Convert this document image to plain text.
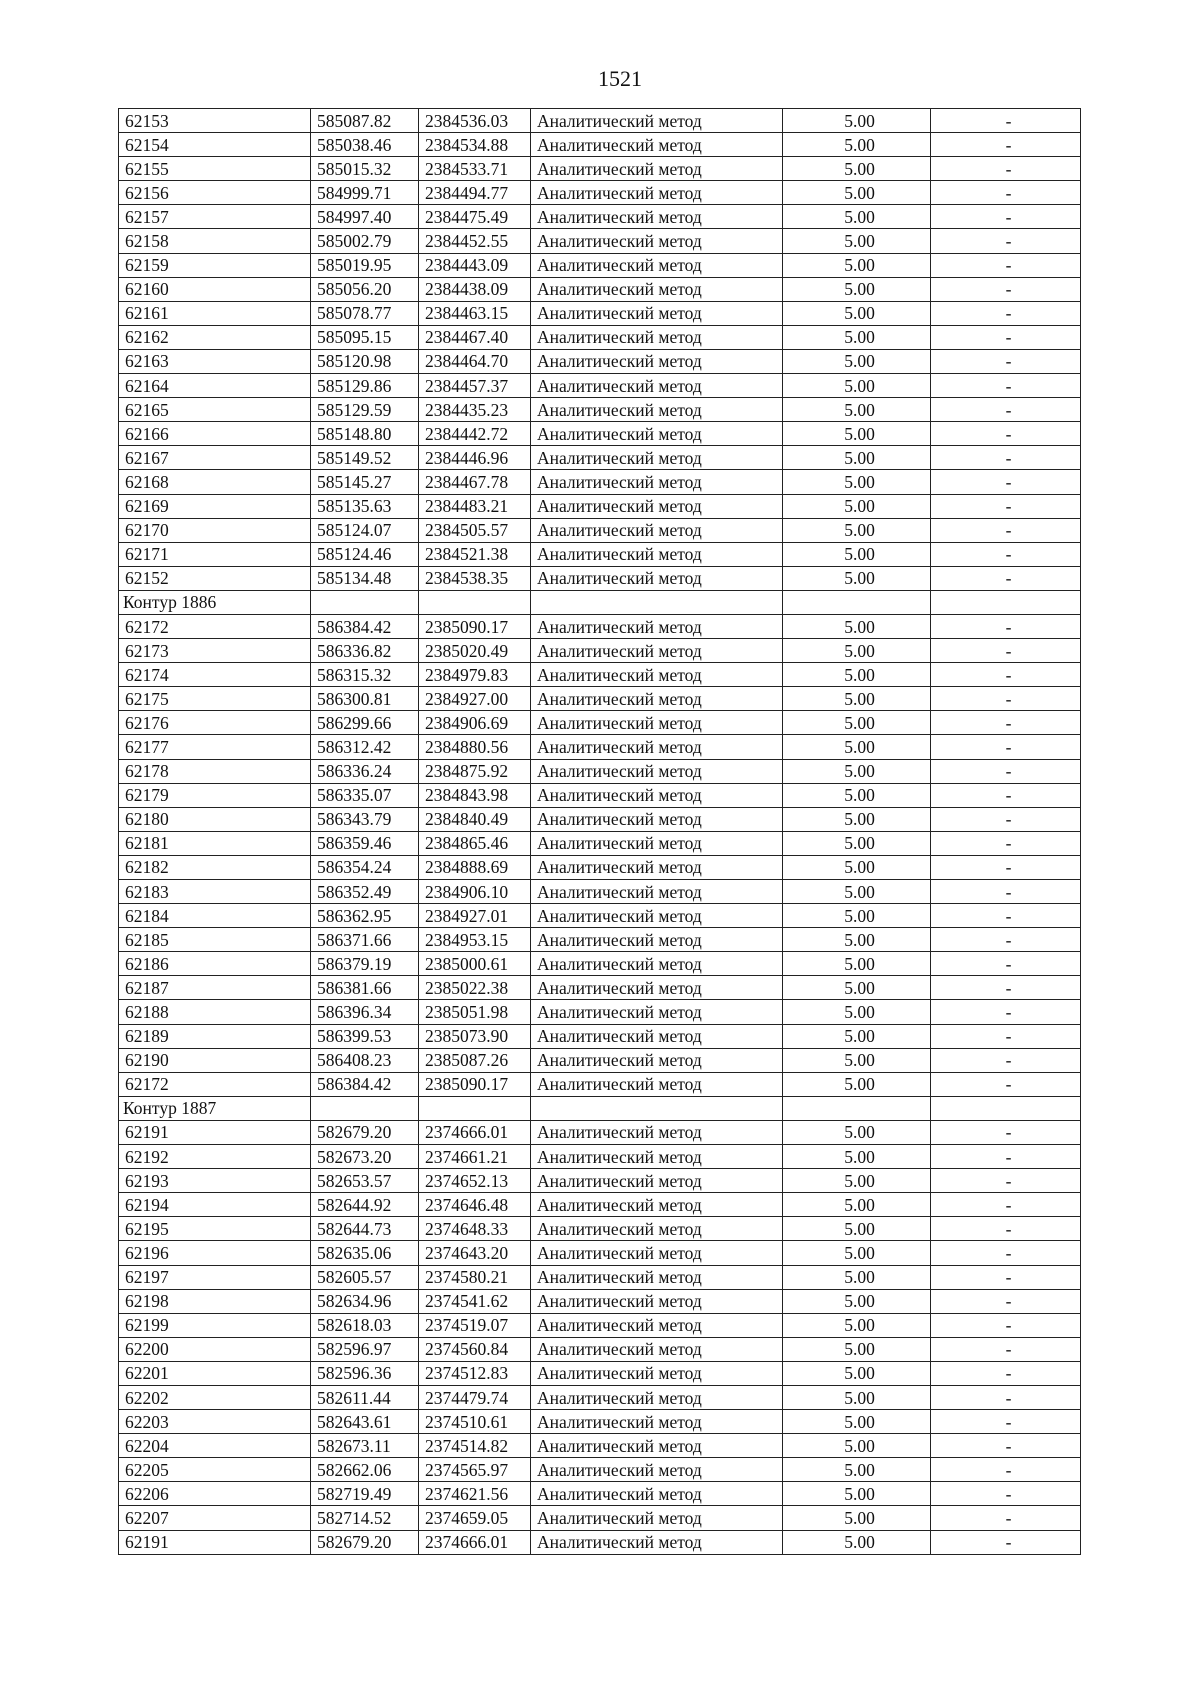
1521
62153	585087.82	2384536.03	Аналитический метод	5.00	-
62154	585038.46	2384534.88	Аналитический метод	5.00	-
62155	585015.32	2384533.71	Аналитический метод	5.00	-
62156	584999.71	2384494.77	Аналитический метод	5.00	-
62157	584997.40	2384475.49	Аналитический метод	5.00	-
62158	585002.79	2384452.55	Аналитический метод	5.00	-
62159	585019.95	2384443.09	Аналитический метод	5.00	-
62160	585056.20	2384438.09	Аналитический метод	5.00	-
62161	585078.77	2384463.15	Аналитический метод	5.00	-
62162	585095.15	2384467.40	Аналитический метод	5.00	-
62163	585120.98	2384464.70	Аналитический метод	5.00	-
62164	585129.86	2384457.37	Аналитический метод	5.00	-
62165	585129.59	2384435.23	Аналитический метод	5.00	-
62166	585148.80	2384442.72	Аналитический метод	5.00	-
62167	585149.52	2384446.96	Аналитический метод	5.00	-
62168	585145.27	2384467.78	Аналитический метод	5.00	-
62169	585135.63	2384483.21	Аналитический метод	5.00	-
62170	585124.07	2384505.57	Аналитический метод	5.00	-
62171	585124.46	2384521.38	Аналитический метод	5.00	-
62152	585134.48	2384538.35	Аналитический метод	5.00	-
Контур 1886					
62172	586384.42	2385090.17	Аналитический метод	5.00	-
62173	586336.82	2385020.49	Аналитический метод	5.00	-
62174	586315.32	2384979.83	Аналитический метод	5.00	-
62175	586300.81	2384927.00	Аналитический метод	5.00	-
62176	586299.66	2384906.69	Аналитический метод	5.00	-
62177	586312.42	2384880.56	Аналитический метод	5.00	-
62178	586336.24	2384875.92	Аналитический метод	5.00	-
62179	586335.07	2384843.98	Аналитический метод	5.00	-
62180	586343.79	2384840.49	Аналитический метод	5.00	-
62181	586359.46	2384865.46	Аналитический метод	5.00	-
62182	586354.24	2384888.69	Аналитический метод	5.00	-
62183	586352.49	2384906.10	Аналитический метод	5.00	-
62184	586362.95	2384927.01	Аналитический метод	5.00	-
62185	586371.66	2384953.15	Аналитический метод	5.00	-
62186	586379.19	2385000.61	Аналитический метод	5.00	-
62187	586381.66	2385022.38	Аналитический метод	5.00	-
62188	586396.34	2385051.98	Аналитический метод	5.00	-
62189	586399.53	2385073.90	Аналитический метод	5.00	-
62190	586408.23	2385087.26	Аналитический метод	5.00	-
62172	586384.42	2385090.17	Аналитический метод	5.00	-
Контур 1887					
62191	582679.20	2374666.01	Аналитический метод	5.00	-
62192	582673.20	2374661.21	Аналитический метод	5.00	-
62193	582653.57	2374652.13	Аналитический метод	5.00	-
62194	582644.92	2374646.48	Аналитический метод	5.00	-
62195	582644.73	2374648.33	Аналитический метод	5.00	-
62196	582635.06	2374643.20	Аналитический метод	5.00	-
62197	582605.57	2374580.21	Аналитический метод	5.00	-
62198	582634.96	2374541.62	Аналитический метод	5.00	-
62199	582618.03	2374519.07	Аналитический метод	5.00	-
62200	582596.97	2374560.84	Аналитический метод	5.00	-
62201	582596.36	2374512.83	Аналитический метод	5.00	-
62202	582611.44	2374479.74	Аналитический метод	5.00	-
62203	582643.61	2374510.61	Аналитический метод	5.00	-
62204	582673.11	2374514.82	Аналитический метод	5.00	-
62205	582662.06	2374565.97	Аналитический метод	5.00	-
62206	582719.49	2374621.56	Аналитический метод	5.00	-
62207	582714.52	2374659.05	Аналитический метод	5.00	-
62191	582679.20	2374666.01	Аналитический метод	5.00	-
